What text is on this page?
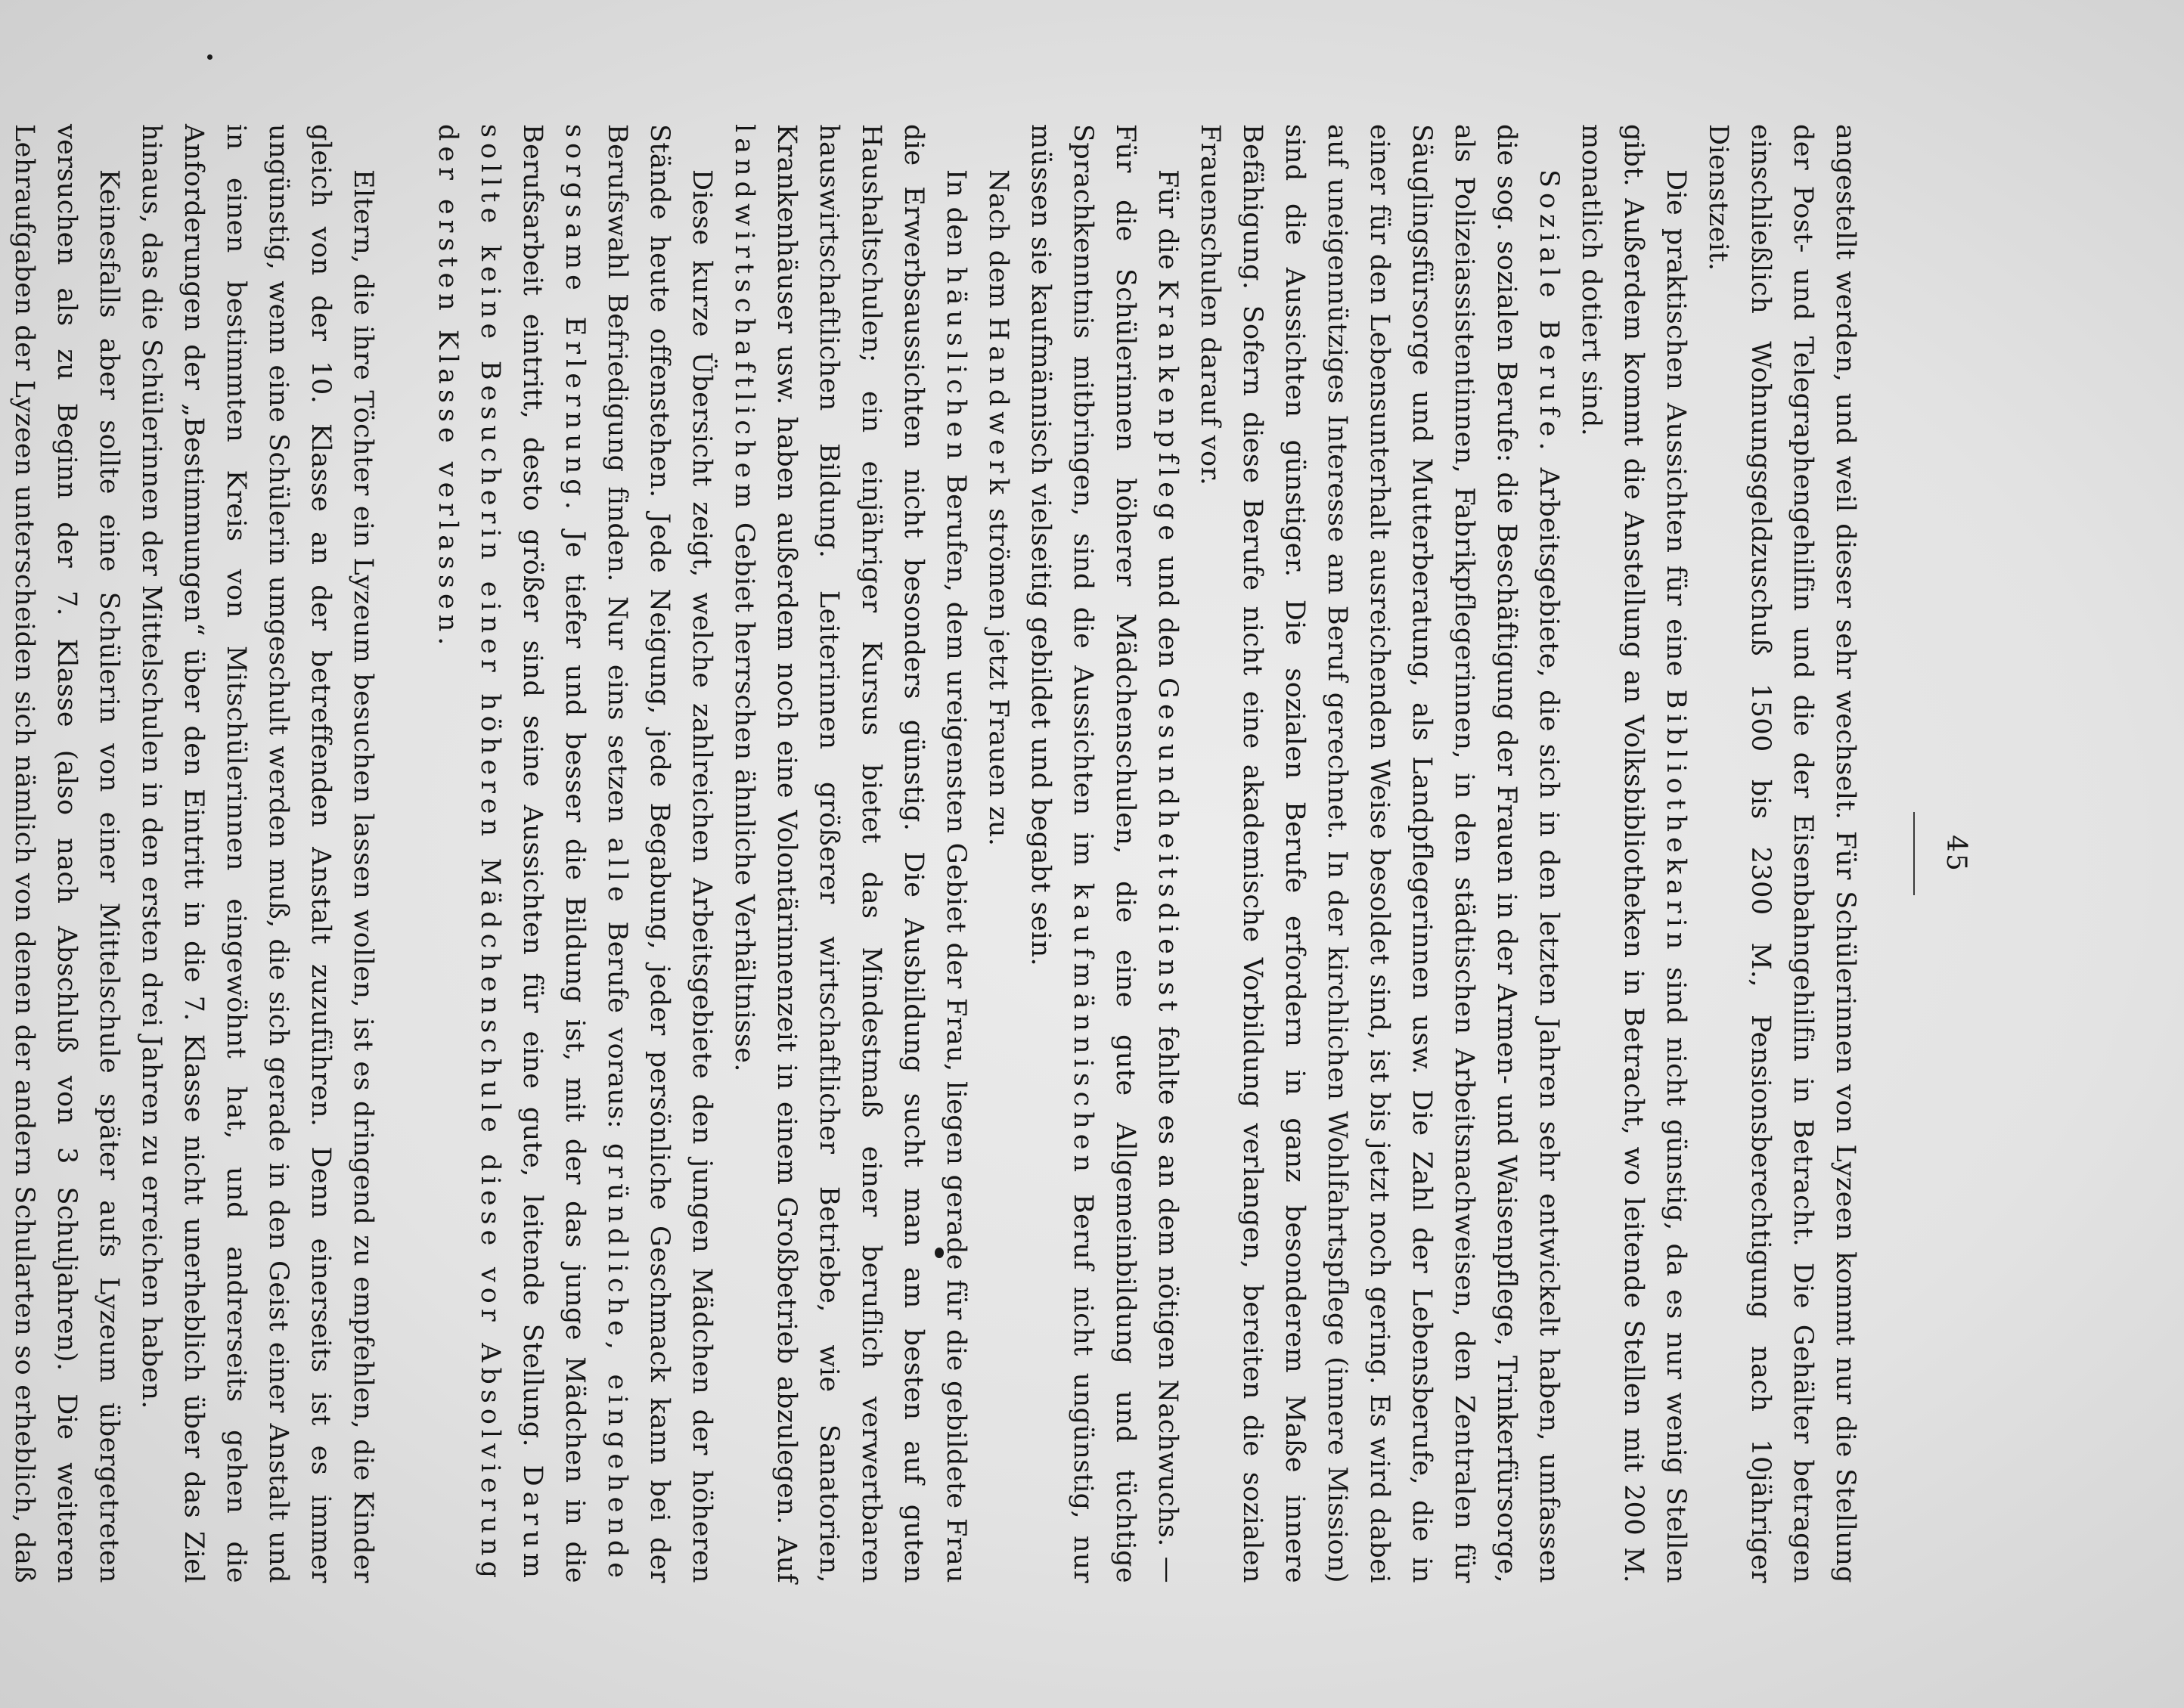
45

angestellt werden, und weil dieser sehr wechselt. Für Schülerinnen von Lyzeen kommt nur die Stellung der Post- und Telegraphengehilfin und die der Eisenbahngehilfin in Betracht. Die Gehälter betragen einschließlich Wohnungsgeldzuschuß 1500 bis 2300 M., Pensionsberechtigung nach 10jähriger Dienstzeit.

Die praktischen Aussichten für eine Bibliothekarin sind nicht günstig, da es nur wenig Stellen gibt. Außerdem kommt die Anstellung an Volksbibliotheken in Betracht, wo leitende Stellen mit 200 M. monatlich dotiert sind.

Soziale Berufe. Arbeitsgebiete, die sich in den letzten Jahren sehr entwickelt haben, umfassen die sog. sozialen Berufe: die Beschäftigung der Frauen in der Armen- und Waisenpflege, Trinkerfürsorge, als Polizeiassistentinnen, Fabrikpflegerinnen, in den städtischen Arbeitsnachweisen, den Zentralen für Säuglingsfürsorge und Mutterberatung, als Landpflegerinnen usw. Die Zahl der Lebensberufe, die in einer für den Lebensunterhalt ausreichenden Weise besoldet sind, ist bis jetzt noch gering. Es wird dabei auf uneigennütziges Interesse am Beruf gerechnet. In der kirchlichen Wohlfahrtspflege (innere Mission) sind die Aussichten günstiger. Die sozialen Berufe erfordern in ganz besonderem Maße innere Befähigung. Sofern diese Berufe nicht eine akademische Vorbildung verlangen, bereiten die sozialen Frauenschulen darauf vor.

Für die Krankenpflege und den Gesundheitsdienst fehlte es an dem nötigen Nachwuchs. — Für die Schülerinnen höherer Mädchenschulen, die eine gute Allgemeinbildung und tüchtige Sprachkenntnis mitbringen, sind die Aussichten im kaufmännischen Beruf nicht ungünstig, nur müssen sie kaufmännisch vielseitig gebildet und begabt sein.

Nach dem Handwerk strömen jetzt Frauen zu.

In den häuslichen Berufen, dem ureigensten Gebiet der Frau, liegen gerade für die gebildete Frau die Erwerbsaussichten nicht besonders günstig. Die Ausbildung sucht man am besten auf guten Haushaltschulen; ein einjähriger Kursus bietet das Mindestmaß einer beruflich verwertbaren hauswirtschaftlichen Bildung. Leiterinnen größerer wirtschaftlicher Betriebe, wie Sanatorien, Krankenhäuser usw. haben außerdem noch eine Volontärinnenzeit in einem Großbetrieb abzulegen. Auf landwirtschaftlichem Gebiet herrschen ähnliche Verhältnisse.

Diese kurze Übersicht zeigt, welche zahlreichen Arbeitsgebiete den jungen Mädchen der höheren Stände heute offenstehen. Jede Neigung, jede Begabung, jeder persönliche Geschmack kann bei der Berufswahl Befriedigung finden. Nur eins setzen alle Berufe voraus: gründliche, eingehende sorgsame Erlernung. Je tiefer und besser die Bildung ist, mit der das junge Mädchen in die Berufsarbeit eintritt, desto größer sind seine Aussichten für eine gute, leitende Stellung. Darum sollte keine Besucherin einer höheren Mädchenschule diese vor Absolvierung der ersten Klasse verlassen.

Eltern, die ihre Töchter ein Lyzeum besuchen lassen wollen, ist es dringend zu empfehlen, die Kinder gleich von der 10. Klasse an der betreffenden Anstalt zuzuführen. Denn einerseits ist es immer ungünstig, wenn eine Schülerin umgeschult werden muß, die sich gerade in den Geist einer Anstalt und in einen bestimmten Kreis von Mitschülerinnen eingewöhnt hat, und andrerseits gehen die Anforderungen der „Bestimmungen“ über den Eintritt in die 7. Klasse nicht unerheblich über das Ziel hinaus, das die Schülerinnen der Mittelschulen in den ersten drei Jahren zu erreichen haben.

Keinesfalls aber sollte eine Schülerin von einer Mittelschule später aufs Lyzeum übergetreten versuchen als zu Beginn der 7. Klasse (also nach Abschluß von 3 Schuljahren). Die weiteren Lehraufgaben der Lyzeen unterscheiden sich nämlich von denen der andern Schularten so erheblich, daß
